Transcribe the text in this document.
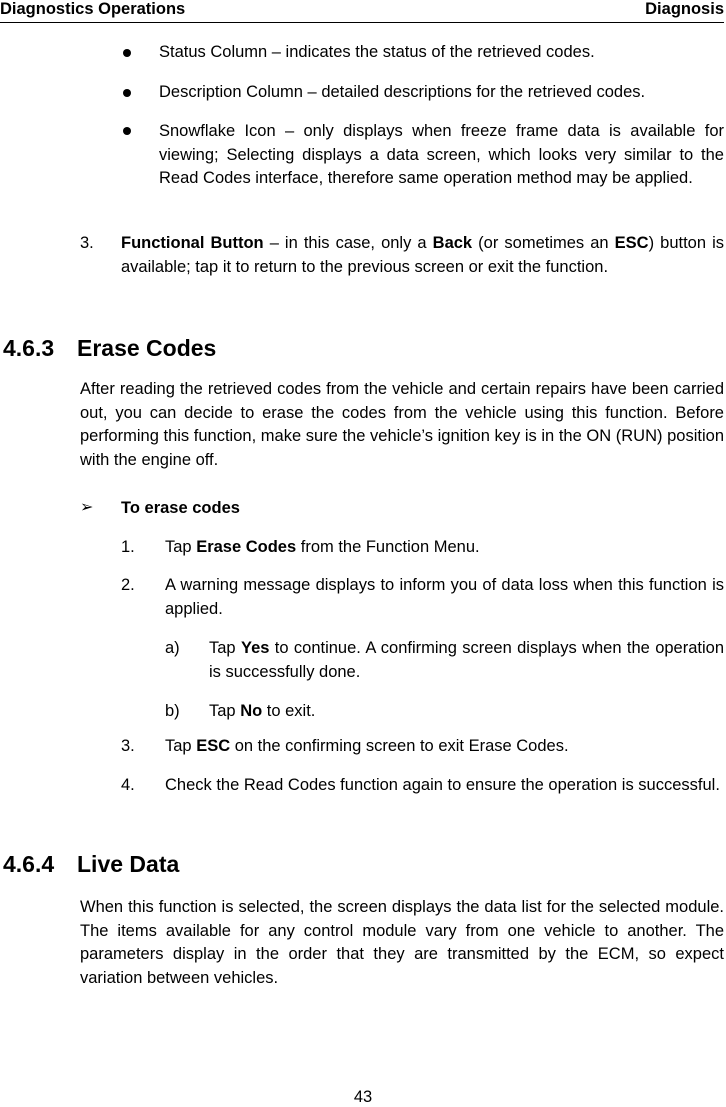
Diagnostics Operations	Diagnosis
Status Column – indicates the status of the retrieved codes.
Description Column – detailed descriptions for the retrieved codes.
Snowflake Icon – only displays when freeze frame data is available for viewing; Selecting displays a data screen, which looks very similar to the Read Codes interface, therefore same operation method may be applied.
3. Functional Button – in this case, only a Back (or sometimes an ESC) button is available; tap it to return to the previous screen or exit the function.
4.6.3 Erase Codes
After reading the retrieved codes from the vehicle and certain repairs have been carried out, you can decide to erase the codes from the vehicle using this function. Before performing this function, make sure the vehicle’s ignition key is in the ON (RUN) position with the engine off.
➢ To erase codes
1. Tap Erase Codes from the Function Menu.
2. A warning message displays to inform you of data loss when this function is applied.
a) Tap Yes to continue. A confirming screen displays when the operation is successfully done.
b) Tap No to exit.
3. Tap ESC on the confirming screen to exit Erase Codes.
4. Check the Read Codes function again to ensure the operation is successful.
4.6.4 Live Data
When this function is selected, the screen displays the data list for the selected module. The items available for any control module vary from one vehicle to another. The parameters display in the order that they are transmitted by the ECM, so expect variation between vehicles.
43
